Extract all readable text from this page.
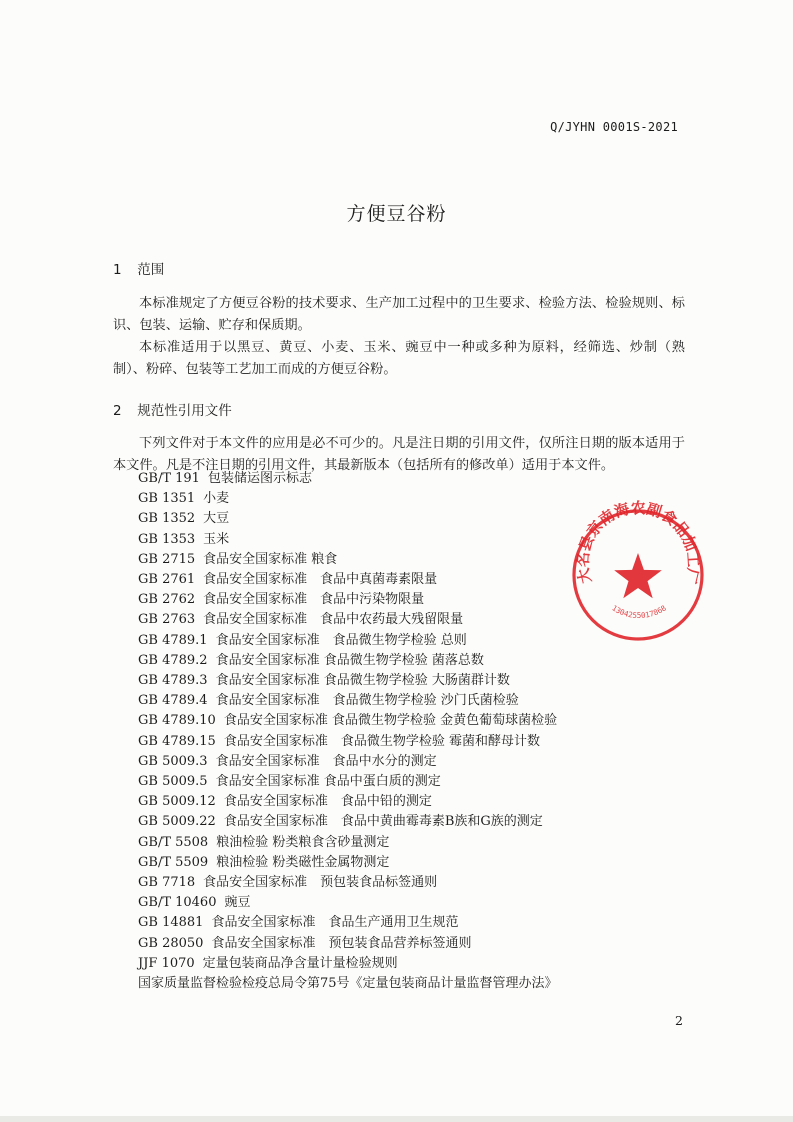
Q/JYHN 0001S-2021
方便豆谷粉
1 范围
本标准规定了方便豆谷粉的技术要求、生产加工过程中的卫生要求、检验方法、检验规则、标识、包装、运输、贮存和保质期。
本标准适用于以黑豆、黄豆、小麦、玉米、豌豆中一种或多种为原料，经筛选、炒制（熟制）、粉碎、包装等工艺加工而成的方便豆谷粉。
2 规范性引用文件
下列文件对于本文件的应用是必不可少的。凡是注日期的引用文件，仅所注日期的版本适用于本文件。凡是不注日期的引用文件，其最新版本（包括所有的修改单）适用于本文件。
GB/T 191 包装储运图示标志
GB 1351 小麦
GB 1352 大豆
GB 1353 玉米
GB 2715 食品安全国家标准 粮食
GB 2761 食品安全国家标准　食品中真菌毒素限量
GB 2762 食品安全国家标准　食品中污染物限量
GB 2763 食品安全国家标准　食品中农药最大残留限量
GB 4789.1 食品安全国家标准　食品微生物学检验 总则
GB 4789.2 食品安全国家标准 食品微生物学检验 菌落总数
GB 4789.3 食品安全国家标准 食品微生物学检验 大肠菌群计数
GB 4789.4 食品安全国家标准　食品微生物学检验 沙门氏菌检验
GB 4789.10 食品安全国家标准 食品微生物学检验 金黄色葡萄球菌检验
GB 4789.15 食品安全国家标准　食品微生物学检验 霉菌和酵母计数
GB 5009.3 食品安全国家标准　食品中水分的测定
GB 5009.5 食品安全国家标准 食品中蛋白质的测定
GB 5009.12 食品安全国家标准　食品中铅的测定
GB 5009.22 食品安全国家标准　食品中黄曲霉毒素B族和G族的测定
GB/T 5508 粮油检验 粉类粮食含砂量测定
GB/T 5509 粮油检验 粉类磁性金属物测定
GB 7718 食品安全国家标准　预包装食品标签通则
GB/T 10460 豌豆
GB 14881 食品安全国家标准　食品生产通用卫生规范
GB 28050 食品安全国家标准　预包装食品营养标签通则
JJF 1070 定量包装商品净含量计量检验规则
国家质量监督检验检疫总局令第75号《定量包装商品计量监督管理办法》
大名县京南海农副食品加工厂
1304255017868
2
